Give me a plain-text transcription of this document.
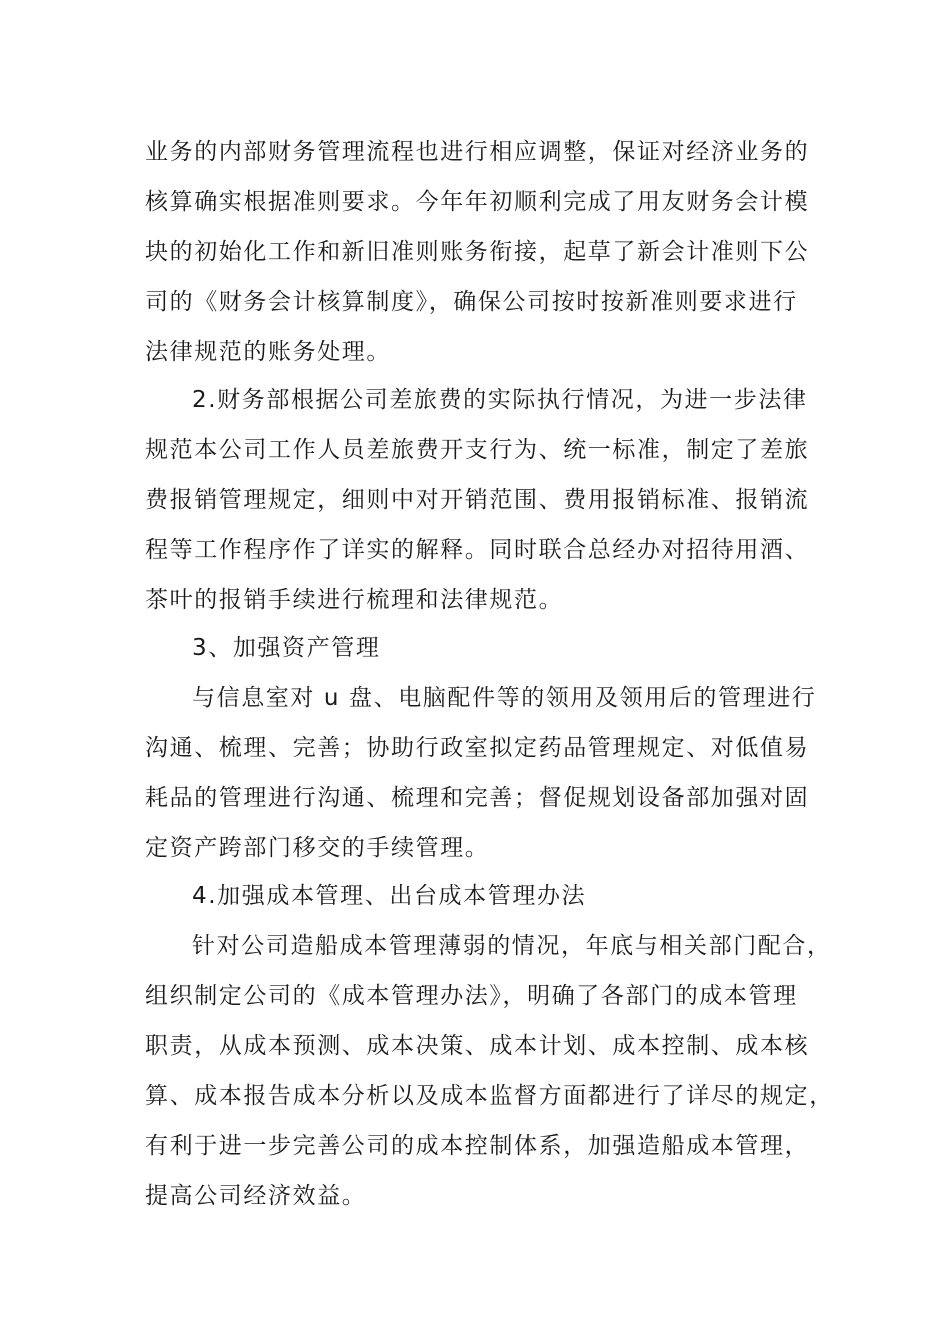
业务的内部财务管理流程也进行相应调整，保证对经济业务的

核算确实根据准则要求。今年年初顺利完成了用友财务会计模

块的初始化工作和新旧准则账务衔接，起草了新会计准则下公

司的《财务会计核算制度》，确保公司按时按新准则要求进行

法律规范的账务处理。

2.财务部根据公司差旅费的实际执行情况，为进一步法律

规范本公司工作人员差旅费开支行为、统一标准，制定了差旅

费报销管理规定，细则中对开销范围、费用报销标准、报销流

程等工作程序作了详实的解释。同时联合总经办对招待用酒、

茶叶的报销手续进行梳理和法律规范。

3、加强资产管理

与信息室对 u 盘、电脑配件等的领用及领用后的管理进行

沟通、梳理、完善；协助行政室拟定药品管理规定、对低值易

耗品的管理进行沟通、梳理和完善；督促规划设备部加强对固

定资产跨部门移交的手续管理。

4.加强成本管理、出台成本管理办法

针对公司造船成本管理薄弱的情况，年底与相关部门配合，

组织制定公司的《成本管理办法》，明确了各部门的成本管理

职责，从成本预测、成本决策、成本计划、成本控制、成本核

算、成本报告成本分析以及成本监督方面都进行了详尽的规定，

有利于进一步完善公司的成本控制体系，加强造船成本管理，

提高公司经济效益。
